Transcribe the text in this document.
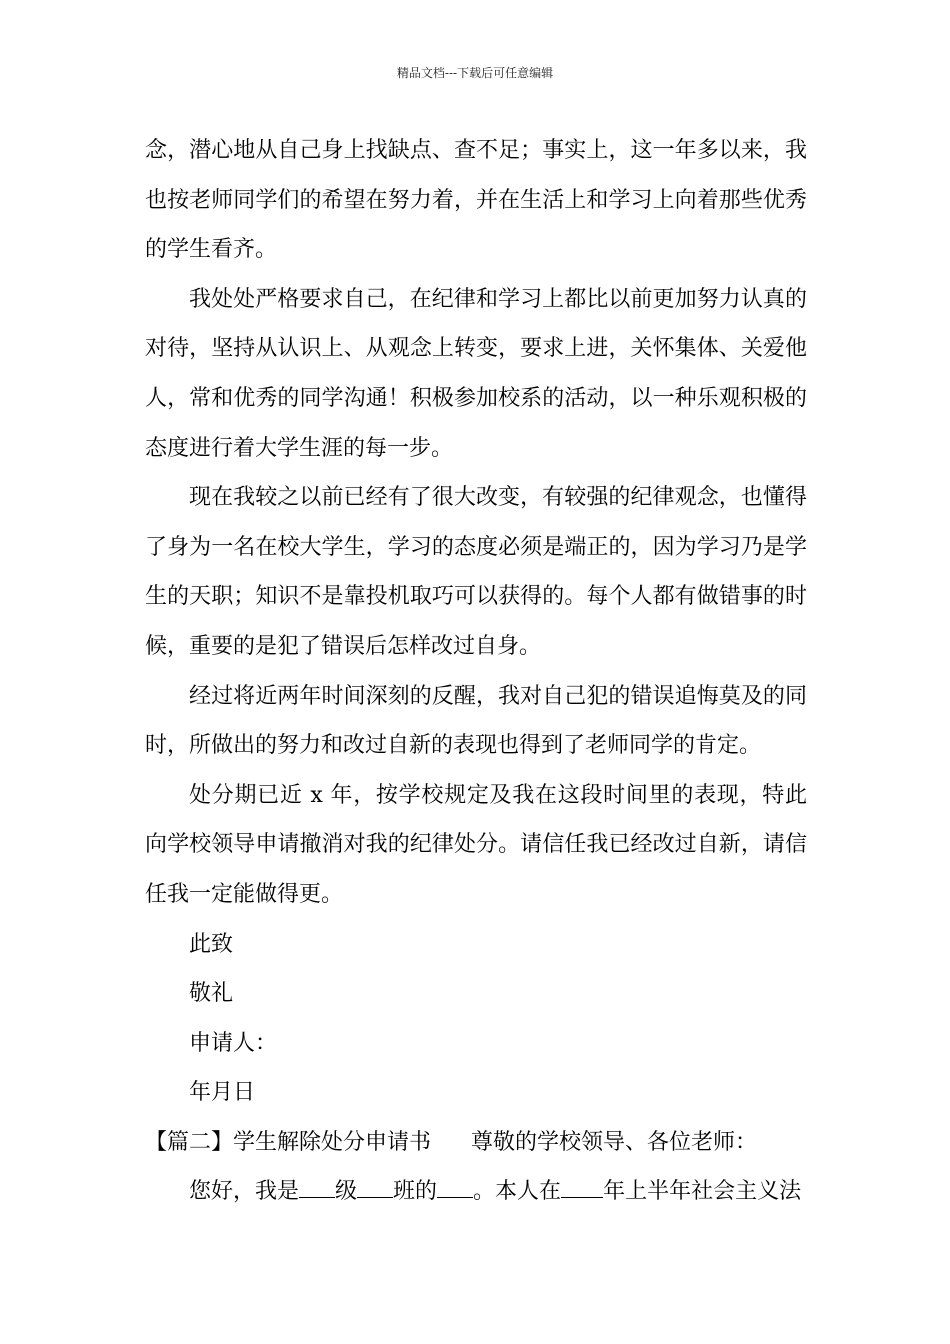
精品文档---下载后可任意编辑

念，潜心地从自己身上找缺点、查不足；事实上，这一年多以来，我也按老师同学们的希望在努力着，并在生活上和学习上向着那些优秀的学生看齐。

我处处严格要求自己，在纪律和学习上都比以前更加努力认真的对待，坚持从认识上、从观念上转变，要求上进，关怀集体、关爱他人，常和优秀的同学沟通！积极参加校系的活动，以一种乐观积极的态度进行着大学生涯的每一步。

现在我较之以前已经有了很大改变，有较强的纪律观念，也懂得了身为一名在校大学生，学习的态度必须是端正的，因为学习乃是学生的天职；知识不是靠投机取巧可以获得的。每个人都有做错事的时候，重要的是犯了错误后怎样改过自身。

经过将近两年时间深刻的反醒，我对自己犯的错误追悔莫及的同时，所做出的努力和改过自新的表现也得到了老师同学的肯定。

处分期已近 x 年，按学校规定及我在这段时间里的表现，特此向学校领导申请撤消对我的纪律处分。请信任我已经改过自新，请信任我一定能做得更。

此致

敬礼

申请人：

年月日

【篇二】学生解除处分申请书 尊敬的学校领导、各位老师：

您好，我是 级 班的 。本人在 年上半年社会主义法
